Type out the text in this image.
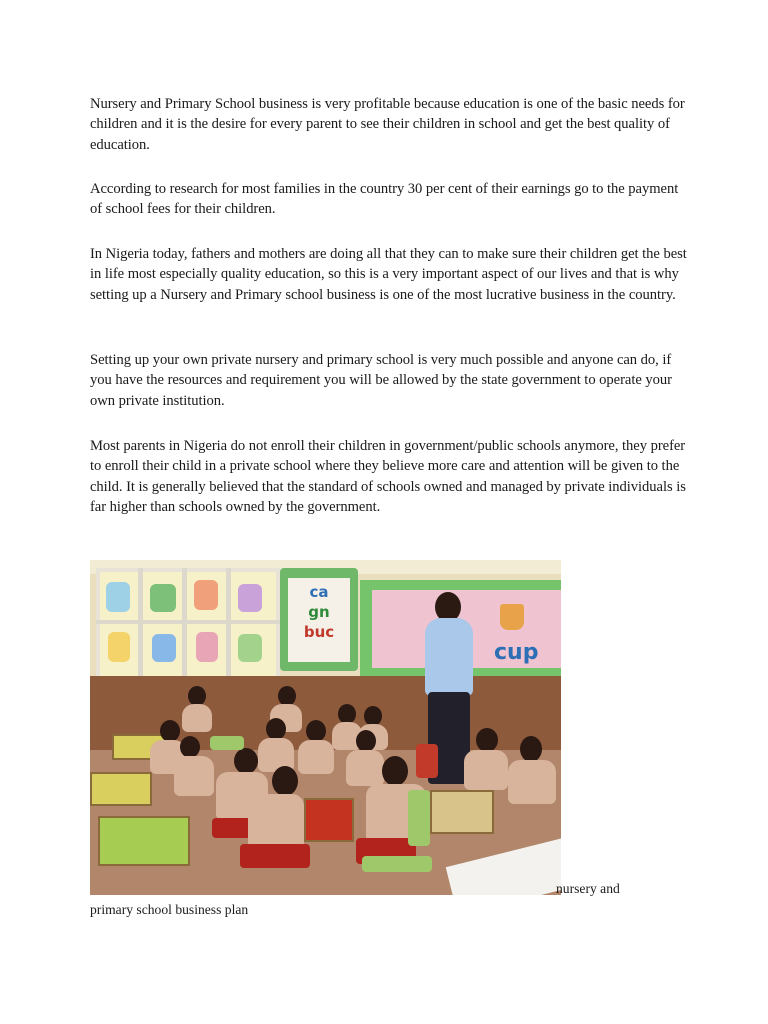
Nursery and Primary School business is very profitable because education is one of the basic needs for children and it is the desire for every parent to see their children in school and get the best quality of education.

According to research for most families in the country 30 per cent of their earnings go to the payment of school fees for their children.

In Nigeria today, fathers and mothers are doing all that they can to make sure their children get the best in life most especially quality education, so this is a very important aspect of our lives and that is why setting up a Nursery and Primary school business is one of the most lucrative business in the country.

Setting up your own private nursery and primary school is very much possible and anyone can do, if you have the resources and requirement you will be allowed by the state government to operate your own private institution.

Most parents in Nigeria do not enroll their children in government/public schools anymore, they prefer to enroll their child in a private school where they believe more care and attention will be given to the child. It is generally believed that the standard of schools owned and managed by private individuals is far higher than schools owned by the government.

ca
gn
buc
cup
nursery and
primary school business plan
